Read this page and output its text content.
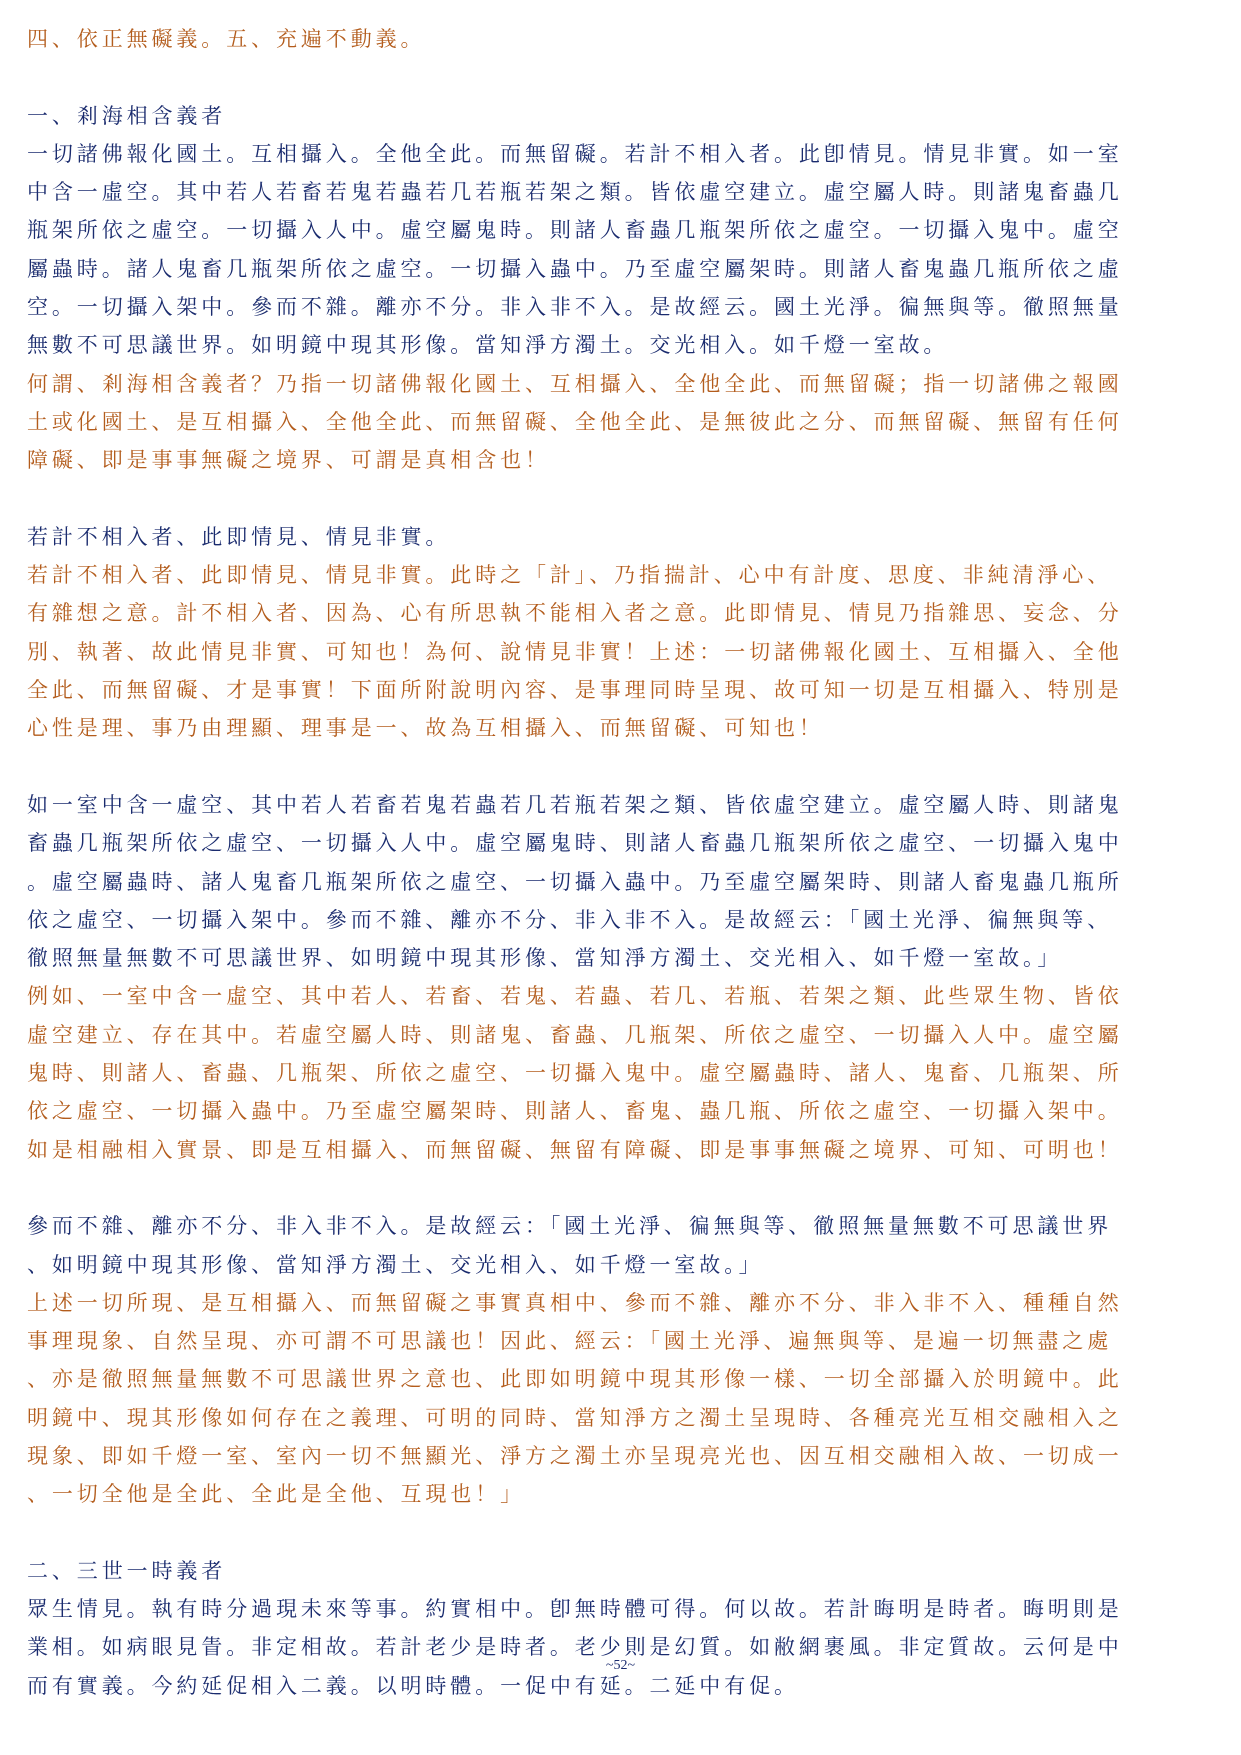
四、依正無礙義。五、充遍不動義。
一、剎海相含義者
一切諸佛報化國土。互相攝入。全他全此。而無留礙。若計不相入者。此卽情見。情見非實。如一室
中含一虛空。其中若人若畜若鬼若蟲若几若瓶若架之類。皆依虛空建立。虛空屬人時。則諸鬼畜蟲几
瓶架所依之虛空。一切攝入人中。虛空屬鬼時。則諸人畜蟲几瓶架所依之虛空。一切攝入鬼中。虛空
屬蟲時。諸人鬼畜几瓶架所依之虛空。一切攝入蟲中。乃至虛空屬架時。則諸人畜鬼蟲几瓶所依之虛
空。一切攝入架中。參而不雜。離亦不分。非入非不入。是故經云。國土光淨。徧無與等。徹照無量
無數不可思議世界。如明鏡中現其形像。當知淨方濁土。交光相入。如千燈一室故。
何謂、剎海相含義者？乃指一切諸佛報化國土、互相攝入、全他全此、而無留礙；指一切諸佛之報國
土或化國土、是互相攝入、全他全此、而無留礙、全他全此、是無彼此之分、而無留礙、無留有任何
障礙、即是事事無礙之境界、可謂是真相含也！
若計不相入者、此即情見、情見非實。
若計不相入者、此即情見、情見非實。此時之「計」、乃指揣計、心中有計度、思度、非純清淨心、
有雜想之意。計不相入者、因為、心有所思執不能相入者之意。此即情見、情見乃指雜思、妄念、分
別、執著、故此情見非實、可知也！為何、說情見非實！上述：一切諸佛報化國土、互相攝入、全他
全此、而無留礙、才是事實！下面所附說明內容、是事理同時呈現、故可知一切是互相攝入、特別是
心性是理、事乃由理顯、理事是一、故為互相攝入、而無留礙、可知也！
如一室中含一虛空、其中若人若畜若鬼若蟲若几若瓶若架之類、皆依虛空建立。虛空屬人時、則諸鬼
畜蟲几瓶架所依之虛空、一切攝入人中。虛空屬鬼時、則諸人畜蟲几瓶架所依之虛空、一切攝入鬼中
。虛空屬蟲時、諸人鬼畜几瓶架所依之虛空、一切攝入蟲中。乃至虛空屬架時、則諸人畜鬼蟲几瓶所
依之虛空、一切攝入架中。參而不雜、離亦不分、非入非不入。是故經云：「國土光淨、徧無與等、
徹照無量無數不可思議世界、如明鏡中現其形像、當知淨方濁土、交光相入、如千燈一室故。」
例如、一室中含一虛空、其中若人、若畜、若鬼、若蟲、若几、若瓶、若架之類、此些眾生物、皆依
虛空建立、存在其中。若虛空屬人時、則諸鬼、畜蟲、几瓶架、所依之虛空、一切攝入人中。虛空屬
鬼時、則諸人、畜蟲、几瓶架、所依之虛空、一切攝入鬼中。虛空屬蟲時、諸人、鬼畜、几瓶架、所
依之虛空、一切攝入蟲中。乃至虛空屬架時、則諸人、畜鬼、蟲几瓶、所依之虛空、一切攝入架中。
如是相融相入實景、即是互相攝入、而無留礙、無留有障礙、即是事事無礙之境界、可知、可明也！
參而不雜、離亦不分、非入非不入。是故經云：「國土光淨、徧無與等、徹照無量無數不可思議世界
、如明鏡中現其形像、當知淨方濁土、交光相入、如千燈一室故。」
上述一切所現、是互相攝入、而無留礙之事實真相中、參而不雜、離亦不分、非入非不入、種種自然
事理現象、自然呈現、亦可謂不可思議也！因此、經云：「國土光淨、遍無與等、是遍一切無盡之處
、亦是徹照無量無數不可思議世界之意也、此即如明鏡中現其形像一樣、一切全部攝入於明鏡中。此
明鏡中、現其形像如何存在之義理、可明的同時、當知淨方之濁土呈現時、各種亮光互相交融相入之
現象、即如千燈一室、室內一切不無顯光、淨方之濁土亦呈現亮光也、因互相交融相入故、一切成一
、一切全他是全此、全此是全他、互現也！」
二、三世一時義者
眾生情見。執有時分過現未來等事。約實相中。卽無時體可得。何以故。若計晦明是時者。晦明則是
業相。如病眼見眚。非定相故。若計老少是時者。老少則是幻質。如敝網裹風。非定質故。云何是中
而有實義。今約延促相入二義。以明時體。一促中有延。二延中有促。
~52~
